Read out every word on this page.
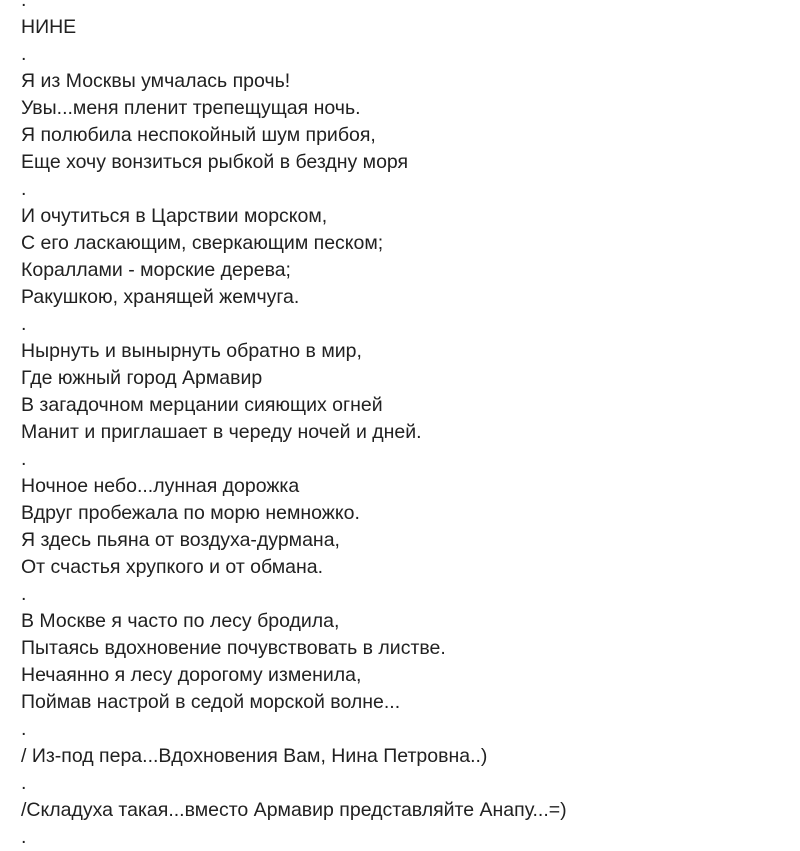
.
НИНЕ
.
Я из Москвы умчалась прочь!
Увы...меня пленит трепещущая ночь.
Я полюбила неспокойный шум прибоя,
Еще хочу вонзиться рыбкой в бездну моря
.
И очутиться в Царствии морском,
С его ласкающим, сверкающим песком;
Кораллами - морские дерева;
Ракушкою, хранящей жемчуга.
.
Нырнуть и вынырнуть обратно в мир,
Где южный город Армавир
В загадочном мерцании сияющих огней
Манит и приглашает в череду ночей и дней.
.
Ночное небо...лунная дорожка
Вдруг пробежала по морю немножко.
Я здесь пьяна от воздуха-дурмана,
От счастья хрупкого и от обмана.
.
В Москве я часто по лесу бродила,
Пытаясь вдохновение почувствовать в листве.
Нечаянно я лесу дорогому изменила,
Поймав настрой в седой морской волне...
.
/ Из-под пера...Вдохновения Вам, Нина Петровна..)
.
/Складуха такая...вместо Армавир представляйте Анапу...=)
.
